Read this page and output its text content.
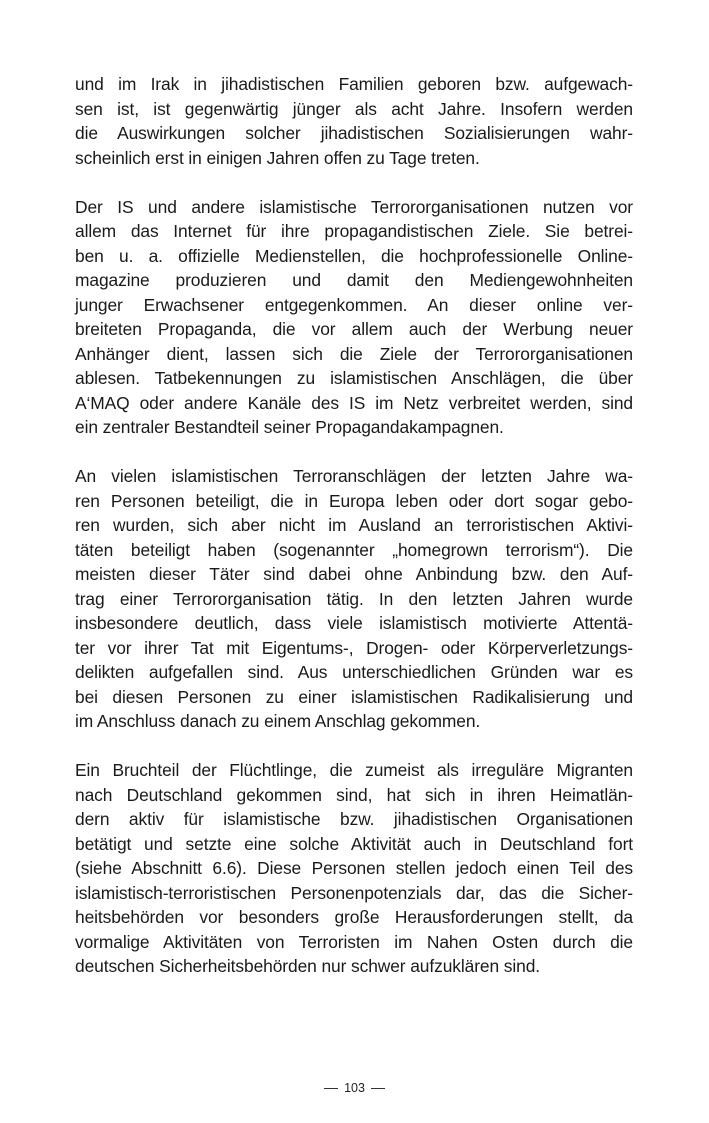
und im Irak in jihadistischen Familien geboren bzw. aufgewach-
sen ist, ist gegenwärtig jünger als acht Jahre. Insofern werden
die Auswirkungen solcher jihadistischen Sozialisierungen wahr-
scheinlich erst in einigen Jahren offen zu Tage treten.

Der IS und andere islamistische Terrororganisationen nutzen vor
allem das Internet für ihre propagandistischen Ziele. Sie betrei-
ben u. a. offizielle Medienstellen, die hochprofessionelle Online-
magazine produzieren und damit den Mediengewohnheiten
junger Erwachsener entgegenkommen. An dieser online ver-
breiteten Propaganda, die vor allem auch der Werbung neuer
Anhänger dient, lassen sich die Ziele der Terrororganisationen
ablesen. Tatbekennungen zu islamistischen Anschlägen, die über
A‘MAQ oder andere Kanäle des IS im Netz verbreitet werden, sind
ein zentraler Bestandteil seiner Propagandakampagnen.

An vielen islamistischen Terroranschlägen der letzten Jahre wa-
ren Personen beteiligt, die in Europa leben oder dort sogar gebo-
ren wurden, sich aber nicht im Ausland an terroristischen Aktivi-
täten beteiligt haben (sogenannter „homegrown terrorism“). Die
meisten dieser Täter sind dabei ohne Anbindung bzw. den Auf-
trag einer Terrororganisation tätig. In den letzten Jahren wurde
insbesondere deutlich, dass viele islamistisch motivierte Attentä-
ter vor ihrer Tat mit Eigentums-, Drogen- oder Körperverletzungs-
delikten aufgefallen sind. Aus unterschiedlichen Gründen war es
bei diesen Personen zu einer islamistischen Radikalisierung und
im Anschluss danach zu einem Anschlag gekommen.

Ein Bruchteil der Flüchtlinge, die zumeist als irreguläre Migranten
nach Deutschland gekommen sind, hat sich in ihren Heimatlän-
dern aktiv für islamistische bzw. jihadistischen Organisationen
betätigt und setzte eine solche Aktivität auch in Deutschland fort
(siehe Abschnitt 6.6). Diese Personen stellen jedoch einen Teil des
islamistisch-terroristischen Personenpotenzials dar, das die Sicher-
heitsbehörden vor besonders große Herausforderungen stellt, da
vormalige Aktivitäten von Terroristen im Nahen Osten durch die
deutschen Sicherheitsbehörden nur schwer aufzuklären sind.

103
